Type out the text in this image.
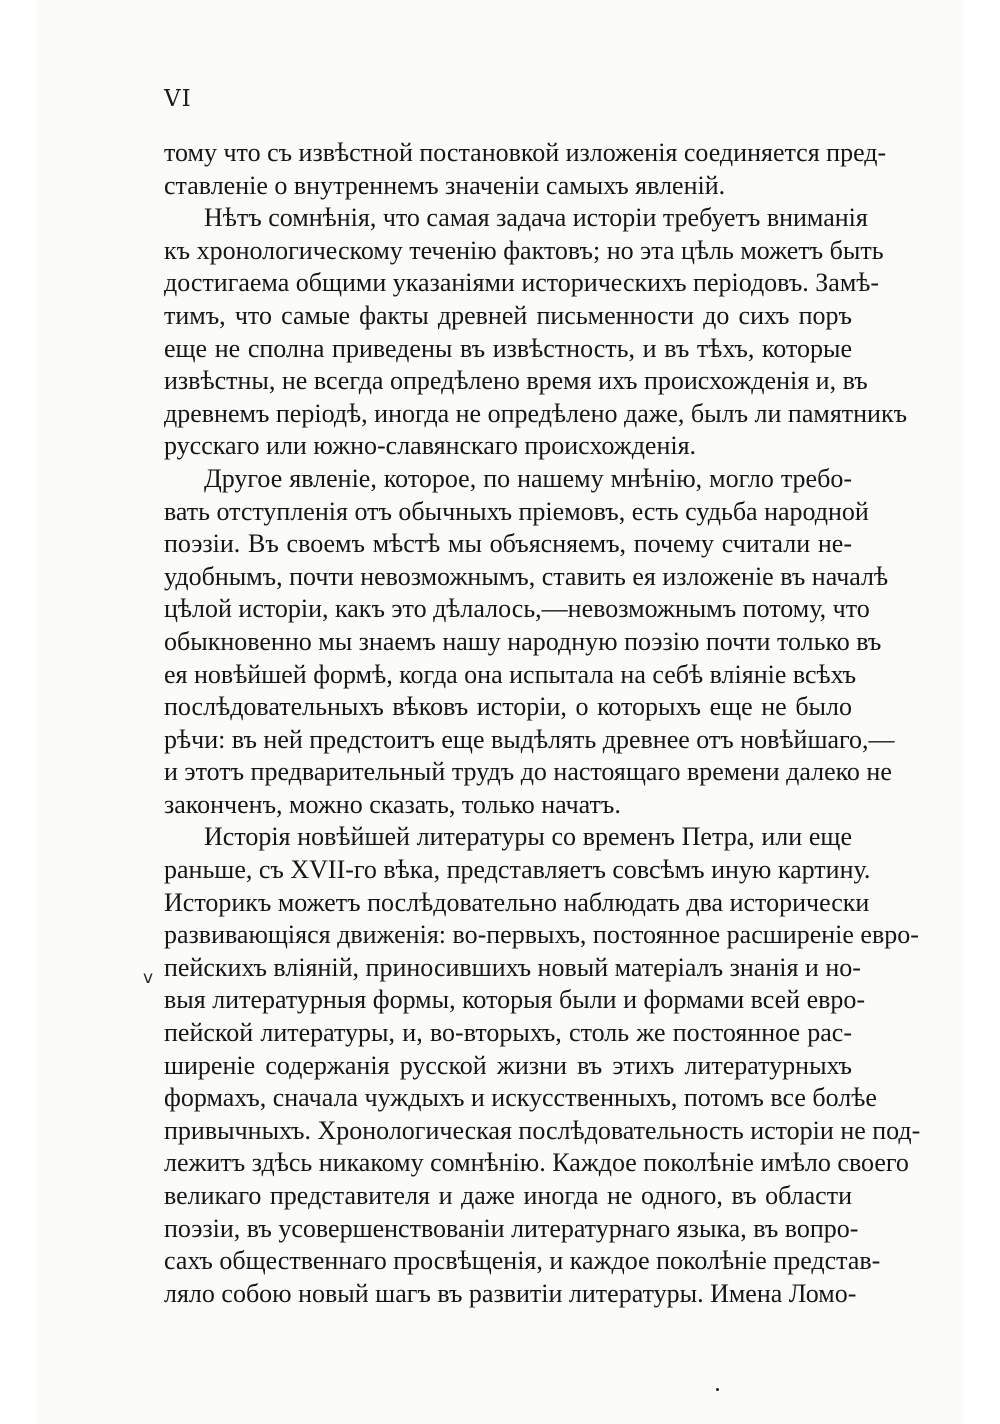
VI
v
тому что съ извѣстной постановкой изложенія соединяется пред-
ставленіе о внутреннемъ значеніи самыхъ явленій.
Нѣтъ сомнѣнія, что самая задача исторіи требуетъ вниманія
къ хронологическому теченію фактовъ; но эта цѣль можетъ быть
достигаема общими указаніями историческихъ періодовъ. Замѣ-
тимъ, что самые факты древней письменности до сихъ поръ
еще не сполна приведены въ извѣстность, и въ тѣхъ, которые
извѣстны, не всегда опредѣлено время ихъ происхожденія и, въ
древнемъ періодѣ, иногда не опредѣлено даже, былъ ли памятникъ
русскаго или южно-славянскаго происхожденія.
Другое явленіе, которое, по нашему мнѣнію, могло требо-
вать отступленія отъ обычныхъ пріемовъ, есть судьба народной
поэзіи. Въ своемъ мѣстѣ мы объясняемъ, почему считали не-
удобнымъ, почти невозможнымъ, ставить ея изложеніе въ началѣ
цѣлой исторіи, какъ это дѣлалось,—невозможнымъ потому, что
обыкновенно мы знаемъ нашу народную поэзію почти только въ
ея новѣйшей формѣ, когда она испытала на себѣ вліяніе всѣхъ
послѣдовательныхъ вѣковъ исторіи, о которыхъ еще не было
рѣчи: въ ней предстоитъ еще выдѣлять древнее отъ новѣйшаго,—
и этотъ предварительный трудъ до настоящаго времени далеко не
законченъ, можно сказать, только начатъ.
Исторія новѣйшей литературы со временъ Петра, или еще
раньше, съ XVII-го вѣка, представляетъ совсѣмъ иную картину.
Историкъ можетъ послѣдовательно наблюдать два исторически
развивающіяся движенія: во-первыхъ, постоянное расширеніе евро-
пейскихъ вліяній, приносившихъ новый матеріалъ знанія и но-
выя литературныя формы, которыя были и формами всей евро-
пейской литературы, и, во-вторыхъ, столь же постоянное рас-
ширеніе содержанія русской жизни въ этихъ литературныхъ
формахъ, сначала чуждыхъ и искусственныхъ, потомъ все болѣе
привычныхъ. Хронологическая послѣдовательность исторіи не под-
лежитъ здѣсь никакому сомнѣнію. Каждое поколѣніе имѣло своего
великаго представителя и даже иногда не одного, въ области
поэзіи, въ усовершенствованіи литературнаго языка, въ вопро-
сахъ общественнаго просвѣщенія, и каждое поколѣніе представ-
ляло собою новый шагъ въ развитіи литературы. Имена Ломо-
